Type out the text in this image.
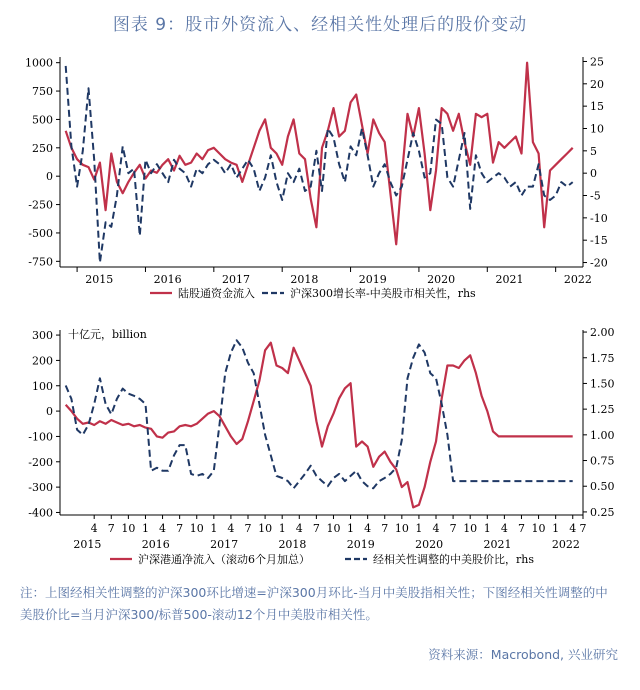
图表 9：股市外资流入、经相关性处理后的股价变动
1000
750
500
250
0
-250
-500
-750
25
20
15
10
5
0
-5
-10
-15
-20
2015	2016	2017	2018	2019	2020	2021	2022
陆股通资金流入	沪深300增长率-中美股市相关性，rhs
300
200
100
0
-100
-200
-300
-400
2.00
1.75
1.50
1.25
1.00
0.75
0.50
0.25
4 7 10 1 4 7 10 1 4 7 10 1 4 7 10 1 4 7 10 1 4 7 10 1 4 7 10 1 4 7
2015	2016	2017	2018	2019	2020	2021	2022
十亿元，billion
沪深港通净流入（滚动6个月加总）	经相关性调整的中美股价比，rhs
注：上图经相关性调整的沪深300环比增速=沪深300月环比-当月中美股指相关性；下图经相关性调整的中美股价比=当月沪深300/标普500-滚动12个月中美股市相关性。
资料来源：Macrobond, 兴业研究
